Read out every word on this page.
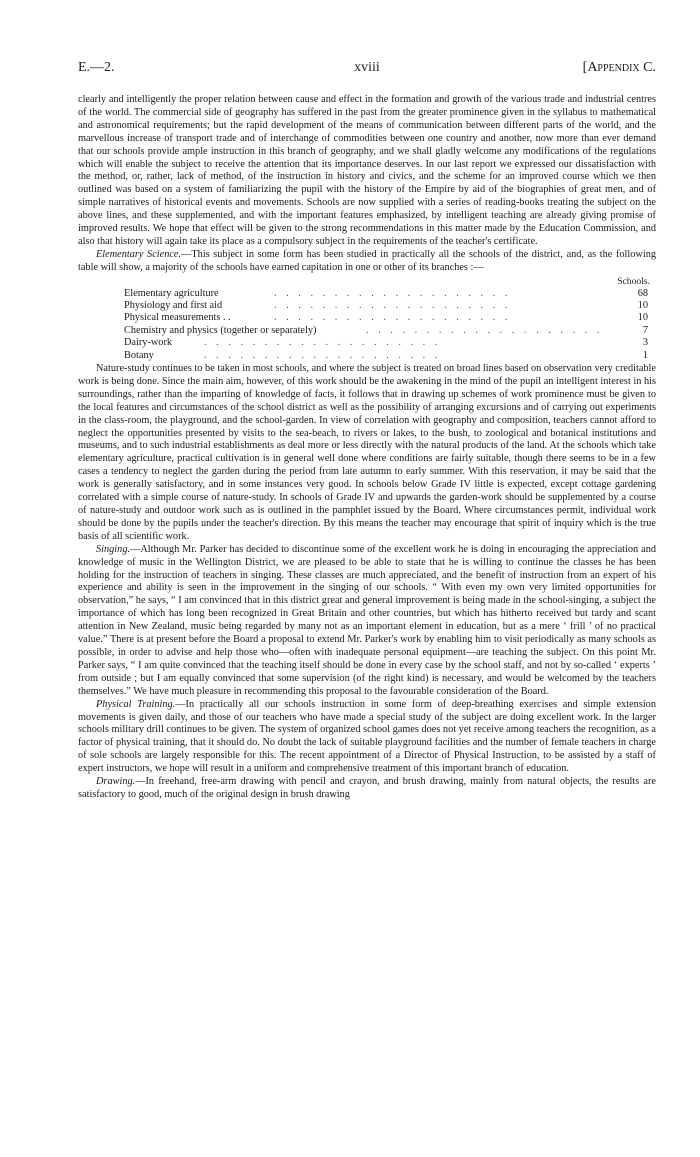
E.—2.	xviii	[Appendix C.

clearly and intelligently the proper relation between cause and effect in the formation and growth of the various trade and industrial centres of the world. The commercial side of geography has suffered in the past from the greater prominence given in the syllabus to mathematical and astronomical requirements; but the rapid development of the means of communication between different parts of the world, and the marvellous increase of transport trade and of interchange of commodities between one country and another, now more than ever demand that our schools provide ample instruction in this branch of geography, and we shall gladly welcome any modifications of the regulations which will enable the subject to receive the attention that its importance deserves. In our last report we expressed our dissatisfaction with the method, or, rather, lack of method, of the instruction in history and civics, and the scheme for an improved course which we then outlined was based on a system of familiarizing the pupil with the history of the Empire by aid of the biographies of great men, and of simple narratives of historical events and movements. Schools are now supplied with a series of reading-books treating the subject on the above lines, and these supplemented, and with the important features emphasized, by intelligent teaching are already giving promise of improved results. We hope that effect will be given to the strong recommendations in this matter made by the Education Commission, and also that history will again take its place as a compulsory subject in the requirements of the teacher's certificate.

Elementary Science.—This subject in some form has been studied in practically all the schools of the district, and, as the following table will show, a majority of the schools have earned capitation in one or other of its branches :—

Schools.
Elementary agriculture	. . . . . . . . . . . . . . . . . . . .	68
Physiology and first aid	. . . . . . . . . . . . . . . . . . . .	10
Physical measurements . .	. . . . . . . . . . . . . . . . . . . .	10
Chemistry and physics (together or separately)	. . . . . . . . . . . . . . . . . . . .	7
Dairy-work	. . . . . . . . . . . . . . . . . . . .	3
Botany	. . . . . . . . . . . . . . . . . . . .	1

Nature-study continues to be taken in most schools, and where the subject is treated on broad lines based on observation very creditable work is being done. Since the main aim, however, of this work should be the awakening in the mind of the pupil an intelligent interest in his surroundings, rather than the imparting of knowledge of facts, it follows that in drawing up schemes of work prominence must be given to the local features and circumstances of the school district as well as the possibility of arranging excursions and of carrying out experiments in the class-room, the playground, and the school-garden. In view of correlation with geography and composition, teachers cannot afford to neglect the opportunities presented by visits to the sea-beach, to rivers or lakes, to the bush, to zoological and botanical institutions and museums, and to such industrial establishments as deal more or less directly with the natural products of the land. At the schools which take elementary agriculture, practical cultivation is in general well done where conditions are fairly suitable, though there seems to be in a few cases a tendency to neglect the garden during the period from late autumn to early summer. With this reservation, it may be said that the work is generally satisfactory, and in some instances very good. In schools below Grade IV little is expected, except cottage gardening correlated with a simple course of nature-study. In schools of Grade IV and upwards the garden-work should be supplemented by a course of nature-study and outdoor work such as is outlined in the pamphlet issued by the Board. Where circumstances permit, individual work should be done by the pupils under the teacher's direction. By this means the teacher may encourage that spirit of inquiry which is the true basis of all scientific work.

Singing.—Although Mr. Parker has decided to discontinue some of the excellent work he is doing in encouraging the appreciation and knowledge of music in the Wellington District, we are pleased to be able to state that he is willing to continue the classes he has been holding for the instruction of teachers in singing. These classes are much appreciated, and the benefit of instruction from an expert of his experience and ability is seen in the improvement in the singing of our schools. “ With even my own very limited opportunities for observation,” he says, “ I am convinced that in this district great and general improvement is being made in the school-singing, a subject the importance of which has long been recognized in Great Britain and other countries, but which has hitherto received but tardy and scant attention in New Zealand, music being regarded by many not as an important element in education, but as a mere ‘ frill ’ of no practical value.” There is at present before the Board a proposal to extend Mr. Parker's work by enabling him to visit periodically as many schools as possible, in order to advise and help those who—often with inadequate personal equipment—are teaching the subject. On this point Mr. Parker says, “ I am quite convinced that the teaching itself should be done in every case by the school staff, and not by so-called ‘ experts ’ from outside ; but I am equally convinced that some supervision (of the right kind) is necessary, and would be welcomed by the teachers themselves.” We have much pleasure in recommending this proposal to the favourable consideration of the Board.

Physical Training.—In practically all our schools instruction in some form of deep-breathing exercises and simple extension movements is given daily, and those of our teachers who have made a special study of the subject are doing excellent work. In the larger schools military drill continues to be given. The system of organized school games does not yet receive among teachers the recognition, as a factor of physical training, that it should do. No doubt the lack of suitable playground facilities and the number of female teachers in charge of sole schools are largely responsible for this. The recent appointment of a Director of Physical Instruction, to be assisted by a staff of expert instructors, we hope will result in a uniform and comprehensive treatment of this important branch of education.

Drawing.—In freehand, free-arm drawing with pencil and crayon, and brush drawing, mainly from natural objects, the results are satisfactory to good, much of the original design in brush drawing
